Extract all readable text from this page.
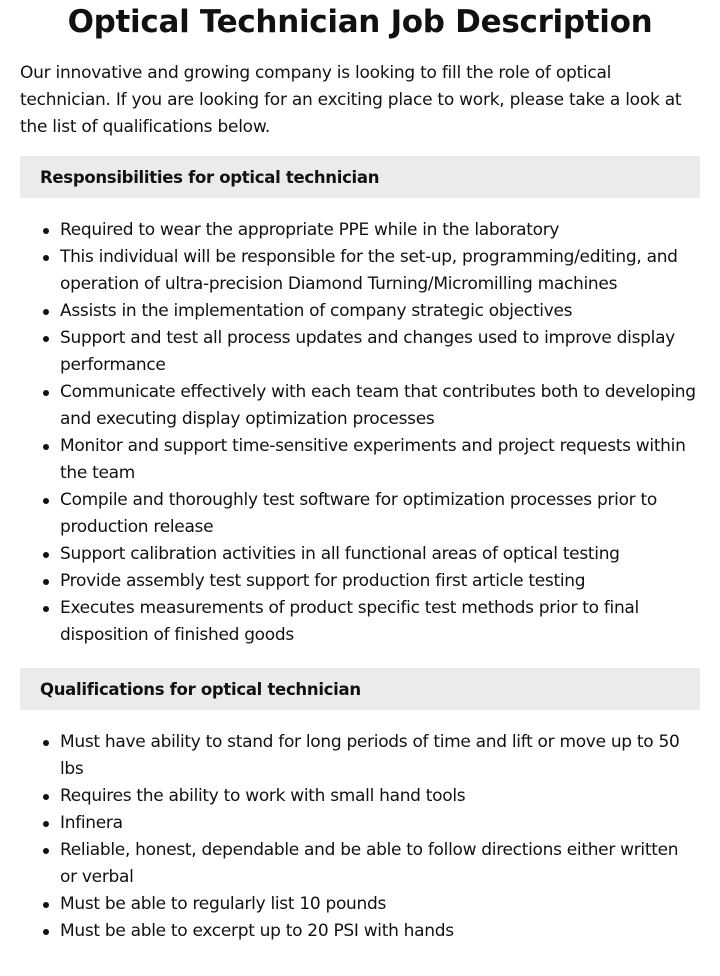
Optical Technician Job Description

Our innovative and growing company is looking to fill the role of optical technician. If you are looking for an exciting place to work, please take a look at the list of qualifications below.

Responsibilities for optical technician
Required to wear the appropriate PPE while in the laboratory
This individual will be responsible for the set-up, programming/editing, and operation of ultra-precision Diamond Turning/Micromilling machines
Assists in the implementation of company strategic objectives
Support and test all process updates and changes used to improve display performance
Communicate effectively with each team that contributes both to developing and executing display optimization processes
Monitor and support time-sensitive experiments and project requests within the team
Compile and thoroughly test software for optimization processes prior to production release
Support calibration activities in all functional areas of optical testing
Provide assembly test support for production first article testing
Executes measurements of product specific test methods prior to final disposition of finished goods
Qualifications for optical technician
Must have ability to stand for long periods of time and lift or move up to 50 lbs
Requires the ability to work with small hand tools
Infinera
Reliable, honest, dependable and be able to follow directions either written or verbal
Must be able to regularly list 10 pounds
Must be able to excerpt up to 20 PSI with hands
